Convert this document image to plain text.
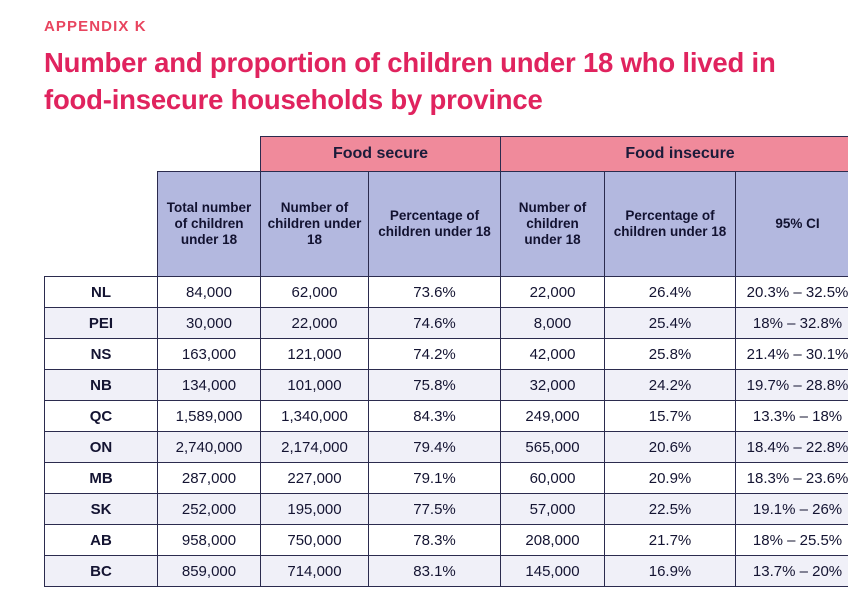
APPENDIX K
Number and proportion of children under 18 who lived in food-insecure households by province
		Food secure		Food insecure		
	Total number of children under 18	Number of children under 18	Percentage of children under 18	Number of children under 18	Percentage of children under 18	95% CI
NL	84,000	62,000	73.6%	22,000	26.4%	20.3% – 32.5%
PEI	30,000	22,000	74.6%	8,000	25.4%	18% – 32.8%
NS	163,000	121,000	74.2%	42,000	25.8%	21.4% – 30.1%
NB	134,000	101,000	75.8%	32,000	24.2%	19.7% – 28.8%
QC	1,589,000	1,340,000	84.3%	249,000	15.7%	13.3% – 18%
ON	2,740,000	2,174,000	79.4%	565,000	20.6%	18.4% – 22.8%
MB	287,000	227,000	79.1%	60,000	20.9%	18.3% – 23.6%
SK	252,000	195,000	77.5%	57,000	22.5%	19.1% – 26%
AB	958,000	750,000	78.3%	208,000	21.7%	18% – 25.5%
BC	859,000	714,000	83.1%	145,000	16.9%	13.7% – 20%
